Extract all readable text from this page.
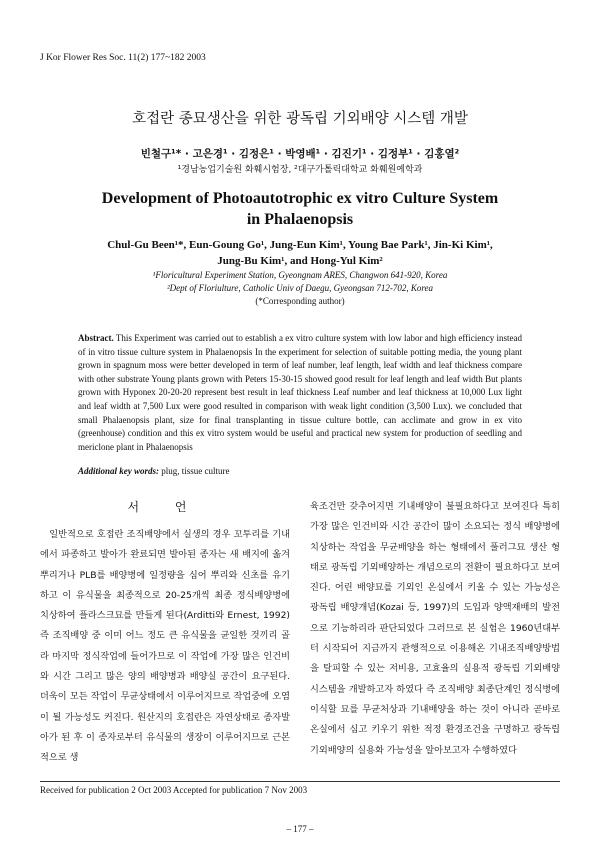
J Kor Flower Res Soc. 11(2) 177~182 2003
호접란 종묘생산을 위한 광독립 기외배양 시스템 개발
빈철구¹* · 고은경¹ · 김정은¹ · 박영배¹ · 김진기¹ · 김정부¹ · 김홍열²
¹경남농업기술원 화훼시험장, ²대구가톨릭대학교 화훼원예학과
Development of Photoautotrophic ex vitro Culture System
in Phalaenopsis
Chul-Gu Been¹*, Eun-Goung Go¹, Jung-Eun Kim¹, Young Bae Park¹, Jin-Ki Kim¹,
Jung-Bu Kim¹, and Hong-Yul Kim²
¹Floricultural Experiment Station, Gyeongnam ARES, Changwon 641-920, Korea
²Dept of Floriulture, Catholic Univ of Daegu, Gyeongsan 712-702, Korea
(*Corresponding author)
Abstract. This Experiment was carried out to establish a ex vitro culture system with low labor and high efficiency instead of in vitro tissue culture system in Phalaenopsis In the experiment for selection of suitable potting media, the young plant grown in spagnum moss were better developed in term of leaf number, leaf length, leaf width and leaf thickness compare with other substrate Young plants grown with Peters 15-30-15 showed good result for leaf length and leaf width But plants grown with Hyponex 20-20-20 represent best result in leaf thickness Leaf number and leaf thickness at 10,000 Lux light and leaf width at 7,500 Lux were good resulted in comparison with weak light condition (3,500 Lux). we concluded that small Phalaenopsis plant, size for final transplanting in tissue culture bottle, can acclimate and grow in ex vito (greenhouse) condition and this ex vitro system would be useful and practical new system for production of seedling and mericlone plant in Phalaenopsis
Additional key words: plug, tissue culture
서 언

일반적으로 호접란 조직배양에서 실생의 경우 꼬투리를 기내에서 파종하고 발아가 완료되면 발아된 종자는 새 배지에 옮겨 뿌리거나 PLB를 배양병에 일정량을 심어 뿌리와 신초를 유기하고 이 유식물을 최종적으로 20-25개씩 최종 정식배양병에 치상하여 플라스크묘를 만들게 된다(Arditti와 Ernest, 1992) 즉 조직배양 중 이미 어느 정도 큰 유식물을 균일한 것끼리 골라 마지막 정식작업에 들어가므로 이 작업에 가장 많은 인건비와 시간 그리고 많은 양의 배양병과 배양실 공간이 요구된다. 더욱이 모든 작업이 무균상태에서 이루어지므로 작업중에 오염이 될 가능성도 커진다. 원산지의 호접란은 자연상태로 종자발아가 된 후 이 종자로부터 유식물의 생장이 이루어지므로 근본적으로 생

육조건만 갖추어지면 기내배양이 불필요하다고 보여진다 특히 가장 많은 인건비와 시간 공간이 많이 소요되는 정식 배양병에 치상하는 작업을 무균배양을 하는 형태에서 풀러그묘 생산 형태로 광독립 기외배양하는 개념으로의 전환이 필요하다고 보여진다. 어린 배양묘를 기외인 온실에서 키울 수 있는 가능성은 광독립 배양개념(Kozai 등, 1997)의 도입과 양액재배의 발전으로 기능하리라 판단되었다 그러므로 본 실험은 1960년대부터 시작되어 지금까지 관행적으로 이용해온 기내조직배양방법을 탈피할 수 있는 저비용, 고효율의 실용적 광독립 기외배양 시스템을 개발하고자 하였다 즉 조직배양 최종단계인 정식병에 이식할 묘를 무균처상과 기내배양을 하는 것이 아니라 곧바로 온실에서 심고 키우기 위한 적정 환경조건을 구명하고 광독립 기외배양의 실용화 가능성을 알아보고자 수행하였다

Received for publication 2 Oct 2003 Accepted for publication 7 Nov 2003
– 177 –
